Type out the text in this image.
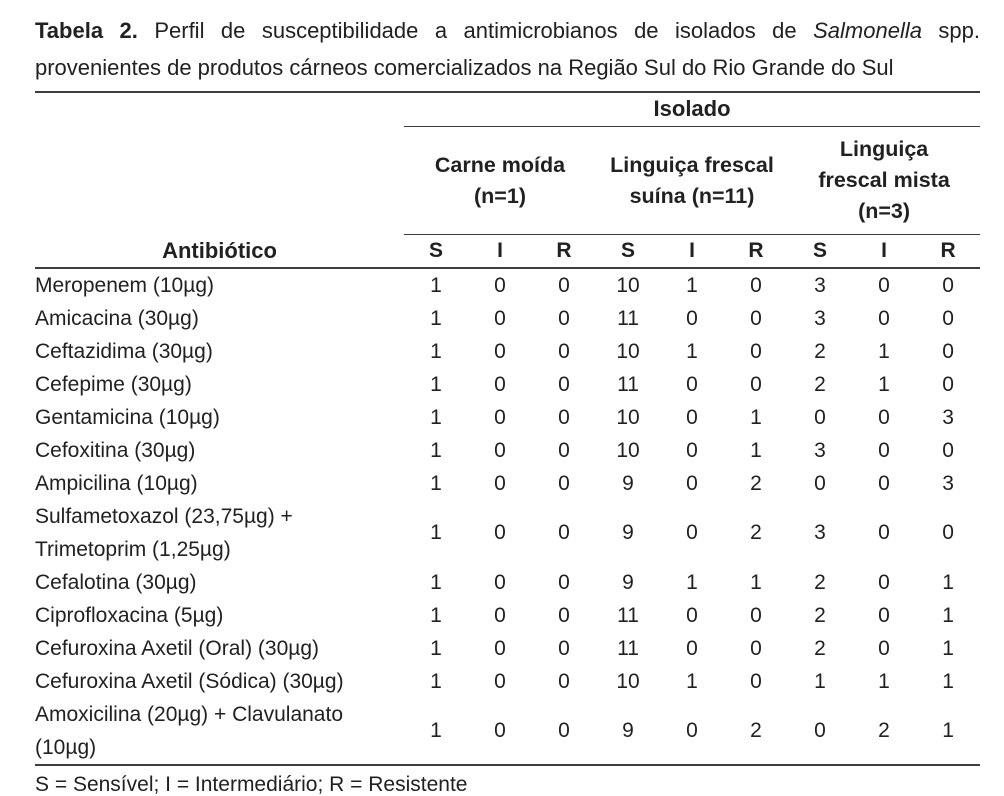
Tabela 2. Perfil de susceptibilidade a antimicrobianos de isolados de Salmonella spp. provenientes de produtos cárneos comercializados na Região Sul do Rio Grande do Sul

	Isolado								

	Carne moída
(n=1)			Linguiça frescal
suína (n=11)			Linguiça
frescal mista
(n=3)		

Antibiótico	S	I	R	S	I	R	S	I	R
Meropenem (10µg)	1	0	0	10	1	0	3	0	0
Amicacina (30µg)	1	0	0	11	0	0	3	0	0
Ceftazidima (30µg)	1	0	0	10	1	0	2	1	0
Cefepime (30µg)	1	0	0	11	0	0	2	1	0
Gentamicina (10µg)	1	0	0	10	0	1	0	0	3
Cefoxitina (30µg)	1	0	0	10	0	1	3	0	0
Ampicilina (10µg)	1	0	0	9	0	2	0	0	3
Sulfametoxazol (23,75µg) + Trimetoprim (1,25µg)	1	0	0	9	0	2	3	0	0
Cefalotina (30µg)	1	0	0	9	1	1	2	0	1
Ciprofloxacina (5µg)	1	0	0	11	0	0	2	0	1
Cefuroxina Axetil (Oral) (30µg)	1	0	0	11	0	0	2	0	1
Cefuroxina Axetil (Sódica) (30µg)	1	0	0	10	1	0	1	1	1
Amoxicilina (20µg) + Clavulanato (10µg)	1	0	0	9	0	2	0	2	1

S = Sensível; I = Intermediário; R = Resistente
